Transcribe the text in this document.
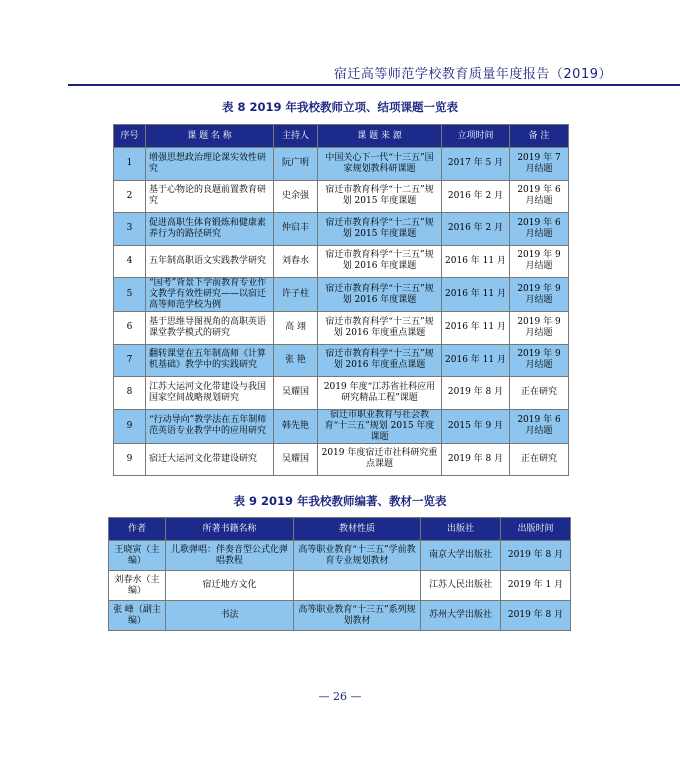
宿迁高等师范学校教育质量年度报告（2019）
表 8 2019 年我校教师立项、结项课题一览表
序号	课 题 名 称	主持人	课 题 来 源	立项时间	备 注
1	增强思想政治理论课实效性研究	阮广明	中国关心下一代“十三五”国家规划教科研课题	2017 年 5 月	2019 年 7 月结题
2	基于心物论的良题前置教育研究	史余强	宿迁市教育科学“十二五”规划 2015 年度课题	2016 年 2 月	2019 年 6 月结题
3	促进高职生体育锻炼和健康素养行为的路径研究	仲启丰	宿迁市教育科学“十二五”规划 2015 年度课题	2016 年 2 月	2019 年 6 月结题
4	五年制高职语文实践教学研究	刘春水	宿迁市教育科学“十三五”规划 2016 年度课题	2016 年 11 月	2019 年 9 月结题
5	“国考”背景下学前教育专业作文教学有效性研究——以宿迁高等师范学校为例	许子柱	宿迁市教育科学“十三五”规划 2016 年度课题	2016 年 11 月	2019 年 9 月结题
6	基于思维导图视角的高职英语课堂教学模式的研究	高 翊	宿迁市教育科学“十三五”规划 2016 年度重点课题	2016 年 11 月	2019 年 9 月结题
7	翻转课堂在五年制高师《计算机基础》教学中的实践研究	张 艳	宿迁市教育科学“十三五”规划 2016 年度重点课题	2016 年 11 月	2019 年 9 月结题
8	江苏大运河文化带建设与我国国家空间战略规划研究	吴耀国	2019 年度“江苏省社科应用研究精品工程”课题	2019 年 8 月	正在研究
9	“行动导向”教学法在五年制师范英语专业教学中的应用研究	韩先艳	宿迁市职业教育与社会教育“十三五”规划 2015 年度课题	2015 年 9 月	2019 年 6 月结题
9	宿迁大运河文化带建设研究	吴耀国	2019 年度宿迁市社科研究重点课题	2019 年 8 月	正在研究
表 9 2019 年我校教师编著、教材一览表
作者	所著书籍名称	教材性质	出版社	出版时间
王晓寅（主编）	儿歌弹唱：伴奏音型公式化弹唱教程	高等职业教育“十三五”学前教育专业规划教材	南京大学出版社	2019 年 8 月
刘春水（主编）	宿迁地方文化		江苏人民出版社	2019 年 1 月
张 峰（副主编）	书法	高等职业教育“十三五”系列规划教材	苏州大学出版社	2019 年 8 月
— 26 —
